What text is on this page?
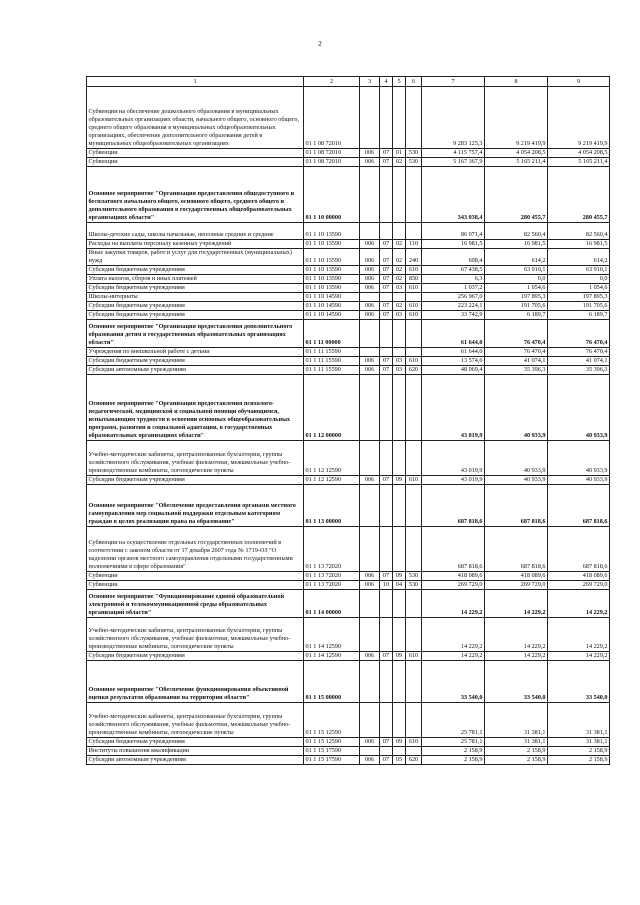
2
1	2	3	4	5	6	7	8	9
Субвенции на обеспечение дошкольного образования в муниципальных образовательных организациях области, начального общего, основного общего, среднего общего образования в муниципальных общеобразовательных организациях, обеспечение дополнительного образования детей в муниципальных общеобразовательных организациях	01 1 08 72010					9 283 125,3	9 219 419,9	9 219 419,9
Субвенции	01 1 08 72010	006	07	01	530	4 115 757,4	4 054 208,5	4 054 208,5
Субвенции	01 1 08 72010	006	07	02	530	5 167 367,9	5 165 211,4	5 165 211,4
Основное мероприятие "Организация предоставления общедоступного и бесплатного начального общего, основного общего, среднего общего и дополнительного образования в государственных общеобразовательных организациях области"	01 1 10 00000					343 038,4	280 455,7	280 455,7
Школы-детские сады, школы начальные, неполные средние и средние	01 1 10 13590					86 071,4	82 560,4	82 560,4
Расходы на выплаты персоналу казенных учреждений	01 1 10 13590	006	07	02	110	16 981,5	16 981,5	16 981,5
Иные закупки товаров, работ и услуг для государственных (муниципальных) нужд	01 1 10 13590	006	07	02	240	608,4	614,2	614,2
Субсидии бюджетным учреждениям	01 1 10 13590	006	07	02	610	67 438,5	63 910,1	63 910,1
Уплата налогов, сборов и иных платежей	01 1 10 13590	006	07	02	850	6,3	0,0	0,0
Субсидии бюджетным учреждениям	01 1 10 13590	006	07	03	610	1 037,2	1 054,6	1 054,6
Школы-интернаты	01 1 10 14590					256 967,0	197 895,3	197 895,3
Субсидии бюджетным учреждениям	01 1 10 14590	006	07	02	610	223 224,1	191 705,6	191 705,6
Субсидии бюджетным учреждениям	01 1 10 14590	006	07	03	610	33 742,9	6 189,7	6 189,7
Основное мероприятие "Организация предоставления дополнительного образования детям в государственных образовательных организациях области"	01 1 11 00000					61 644,0	76 470,4	76 470,4
Учреждения по внешкольной работе с детьми	01 1 11 15590					61 644,0	76 470,4	76 470,4
Субсидии бюджетным учреждениям	01 1 11 15590	006	07	03	610	13 574,6	41 074,1	41 074,1
Субсидии автономным учреждениям	01 1 11 15590	006	07	03	620	48 069,4	35 396,3	35 396,3
Основное мероприятие "Организация предоставления психолого-педагогической, медицинской и социальной помощи обучающимся, испытывающим трудности в освоении основных общеобразовательных программ, развитии и социальной адаптации, в государственных образовательных организациях области"	01 1 12 00000					43 019,9	40 933,9	40 933,9
Учебно-методические кабинеты, централизованные бухгалтерии, группы хозяйственного обслуживания, учебные фильмотеки, межшкольные учебно-производственные комбинаты, логопедические пункты	01 1 12 12590					43 019,9	40 933,9	40 933,9
Субсидии бюджетным учреждениям	01 1 12 12590	006	07	09	610	43 019,9	40 933,9	40 933,9
Основное мероприятие "Обеспечение предоставления органами местного самоуправления мер социальной поддержки отдельным категориям граждан в целях реализации права на образование"	01 1 13 00000					687 818,6	687 818,6	687 818,6
Субвенции на осуществление отдельных государственных полномочий в соответствии с законом области от 17 декабря 2007 года № 1719-ОЗ "О наделении органов местного самоуправления отдельными государственными полномочиями в сфере образования"	01 1 13 72020					687 818,6	687 818,6	687 818,6
Субвенции	01 1 13 72020	006	07	09	530	418 089,6	418 089,6	418 089,6
Субвенции	01 1 13 72020	006	10	04	530	269 729,0	269 729,0	269 729,0
Основное мероприятие "Функционирование единой образовательной электронной и телекоммуникационной среды образовательных организаций области"	01 1 14 00000					14 229,2	14 229,2	14 229,2
Учебно-методические кабинеты, централизованные бухгалтерии, группы хозяйственного обслуживания, учебные фильмотеки, межшкольные учебно-производственные комбинаты, логопедические пункты	01 1 14 12590					14 229,2	14 229,2	14 229,2
Субсидии бюджетным учреждениям	01 1 14 12590	006	07	09	610	14 229,2	14 229,2	14 229,2
Основное мероприятие "Обеспечение функционирования объективной оценки результатов образования на территории области"	01 1 15 00000					33 540,0	33 540,0	33 540,0
Учебно-методические кабинеты, централизованные бухгалтерии, группы хозяйственного обслуживания, учебные фильмотеки, межшкольные учебно-производственные комбинаты, логопедические пункты	01 1 15 12590					25 781,1	31 381,1	31 381,1
Субсидии бюджетным учреждениям	01 1 15 12590	006	07	09	610	25 781,1	31 381,1	31 381,1
Институты повышения квалификации	01 1 15 17590					2 158,9	2 158,9	2 158,9
Субсидии автономным учреждениям	01 1 15 17590	006	07	05	620	2 158,9	2 158,9	2 158,9
